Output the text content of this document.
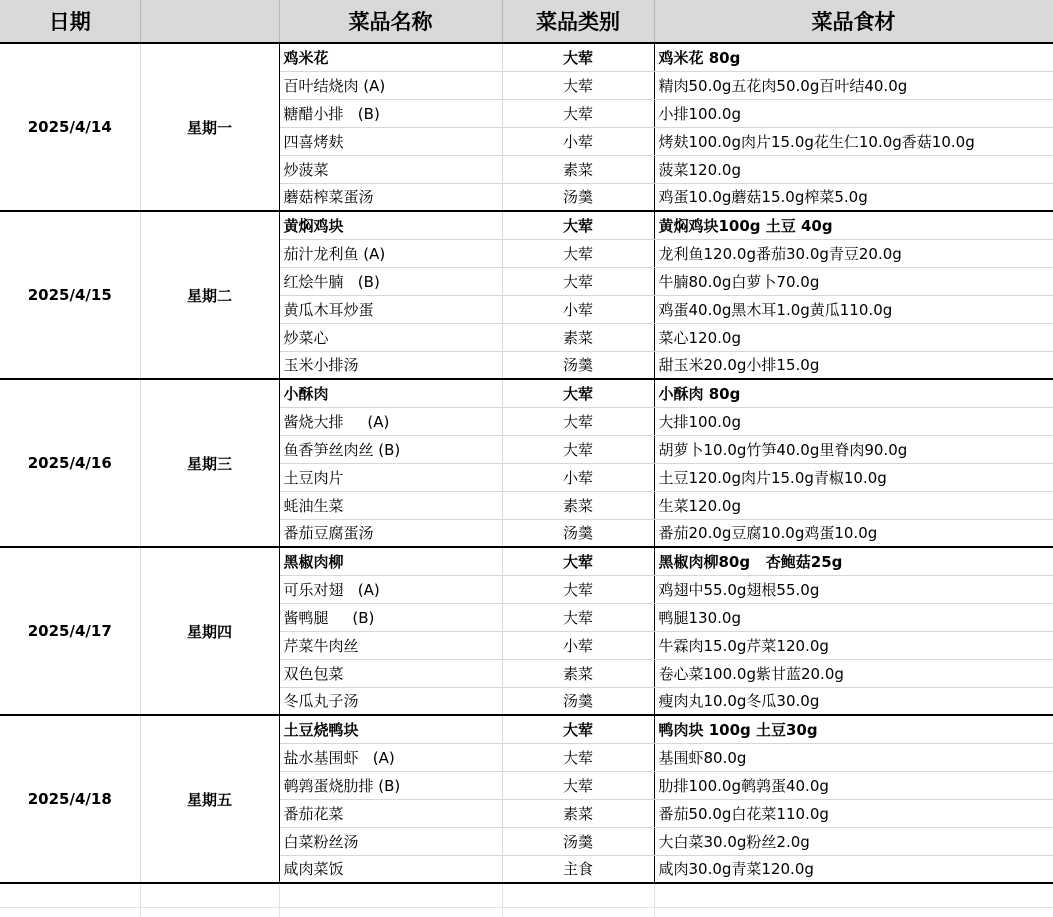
日期		菜品名称	菜品类别	菜品食材
2025/4/14	星期一	鸡米花	大荤	鸡米花 80g
		百叶结烧肉 (A)	大荤	精肉50.0g五花肉50.0g百叶结40.0g
		糖醋小排   (B)	大荤	小排100.0g
		四喜烤麸	小荤	烤麸100.0g肉片15.0g花生仁10.0g香菇10.0g
		炒菠菜	素菜	菠菜120.0g
		蘑菇榨菜蛋汤	汤羹	鸡蛋10.0g蘑菇15.0g榨菜5.0g
2025/4/15	星期二	黄焖鸡块	大荤	黄焖鸡块100g 土豆 40g
		茄汁龙利鱼 (A)	大荤	龙利鱼120.0g番茄30.0g青豆20.0g
		红烩牛腩   (B)	大荤	牛腩80.0g白萝卜70.0g
		黄瓜木耳炒蛋	小荤	鸡蛋40.0g黑木耳1.0g黄瓜110.0g
		炒菜心	素菜	菜心120.0g
		玉米小排汤	汤羹	甜玉米20.0g小排15.0g
2025/4/16	星期三	小酥肉	大荤	小酥肉 80g
		酱烧大排     (A)	大荤	大排100.0g
		鱼香笋丝肉丝 (B)	大荤	胡萝卜10.0g竹笋40.0g里脊肉90.0g
		土豆肉片	小荤	土豆120.0g肉片15.0g青椒10.0g
		蚝油生菜	素菜	生菜120.0g
		番茄豆腐蛋汤	汤羹	番茄20.0g豆腐10.0g鸡蛋10.0g
2025/4/17	星期四	黑椒肉柳	大荤	黑椒肉柳80g   杏鲍菇25g
		可乐对翅   (A)	大荤	鸡翅中55.0g翅根55.0g
		酱鸭腿     (B)	大荤	鸭腿130.0g
		芹菜牛肉丝	小荤	牛霖肉15.0g芹菜120.0g
		双色包菜	素菜	卷心菜100.0g紫甘蓝20.0g
		冬瓜丸子汤	汤羹	瘦肉丸10.0g冬瓜30.0g
2025/4/18	星期五	土豆烧鸭块	大荤	鸭肉块 100g 土豆30g
		盐水基围虾   (A)	大荤	基围虾80.0g
		鹌鹑蛋烧肋排 (B)	大荤	肋排100.0g鹌鹑蛋40.0g
		番茄花菜	素菜	番茄50.0g白花菜110.0g
		白菜粉丝汤	汤羹	大白菜30.0g粉丝2.0g
		咸肉菜饭	主食	咸肉30.0g青菜120.0g
